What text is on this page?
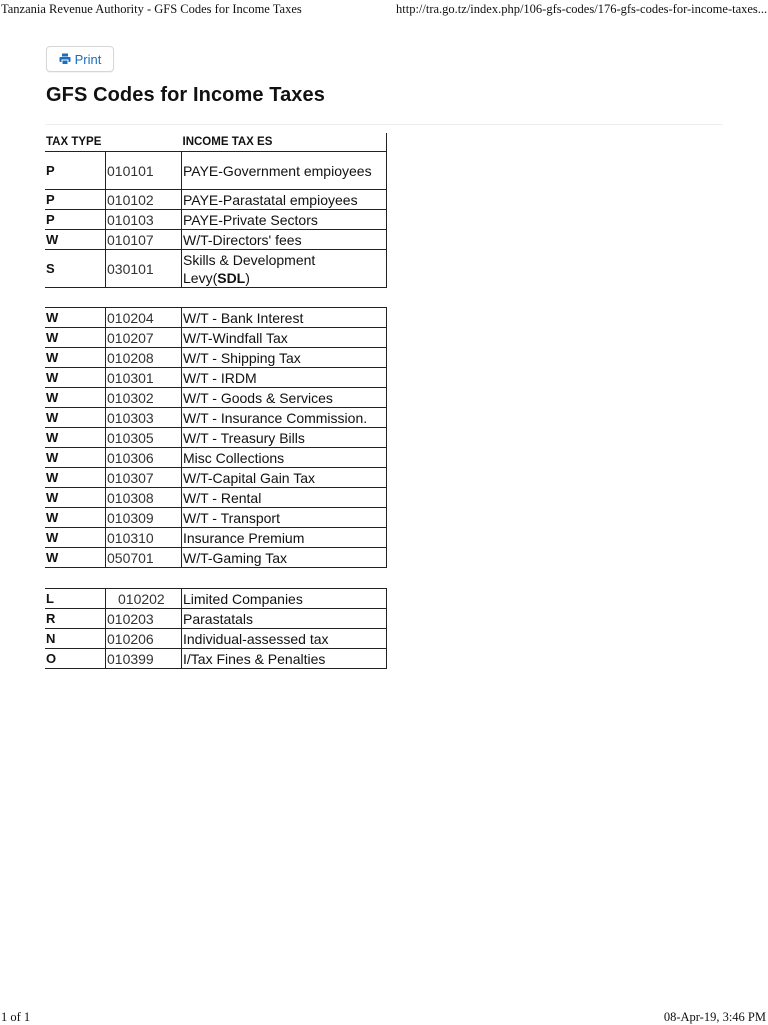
Tanzania Revenue Authority - GFS Codes for Income Taxes	http://tra.go.tz/index.php/106-gfs-codes/176-gfs-codes-for-income-taxes...
Print
GFS Codes for Income Taxes
TAX TYPE		INCOME TAX ES
P	010101	PAYE-Government empioyees
P	010102	PAYE-Parastatal empioyees
P	010103	PAYE-Private Sectors
W	010107	W/T-Directors' fees
S	030101	Skills & Development Levy(SDL)
W	010204	W/T - Bank Interest
W	010207	W/T-Windfall Tax
W	010208	W/T - Shipping Tax
W	010301	W/T - IRDM
W	010302	W/T - Goods & Services
W	010303	W/T - Insurance Commission.
W	010305	W/T - Treasury Bills
W	010306	Misc Collections
W	010307	W/T-Capital Gain Tax
W	010308	W/T - Rental
W	010309	W/T - Transport
W	010310	Insurance Premium
W	050701	W/T-Gaming Tax
L	010202	Limited Companies
R	010203	Parastatals
N	010206	Individual-assessed tax
O	010399	I/Tax Fines & Penalties
1 of 1	08-Apr-19, 3:46 PM
